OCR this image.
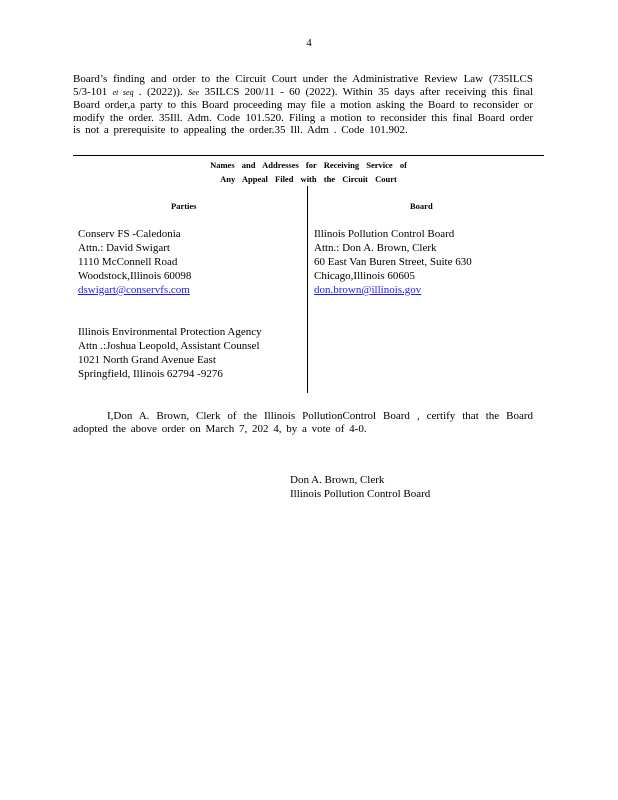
4
Board’s finding and order to the Circuit Court under the Administrative Review Law (735ILCS 5/3-101 et seq . (2022)). See 35ILCS 200/11 - 60 (2022). Within 35 days after receiving this final Board order,a party to this Board proceeding may file a motion asking the Board to reconsider or modify the order. 35Ill. Adm. Code 101.520. Filing a motion to reconsider this final Board order is not a prerequisite to appealing the order.35 Ill. Adm . Code 101.902.
Names and Addresses for Receiving Service of
Any Appeal Filed with the Circuit Court
Parties	Board
Conserv FS -Caledonia
Attn.: David Swigart
1110 McConnell Road
Woodstock,Illinois 60098
dswigart@conservfs.com
Illinois Environmental Protection Agency
Attn .:Joshua Leopold, Assistant Counsel
1021 North Grand Avenue East
Springfield, Illinois 62794 -9276
Illinois Pollution Control Board
Attn.: Don A. Brown, Clerk
60 East Van Buren Street, Suite 630
Chicago,Illinois 60605
don.brown@illinois.gov
I,Don A. Brown, Clerk of the Illinois PollutionControl Board , certify that the Board adopted the above order on March 7, 202 4, by a vote of 4-0.
Don A. Brown, Clerk
Illinois Pollution Control Board
